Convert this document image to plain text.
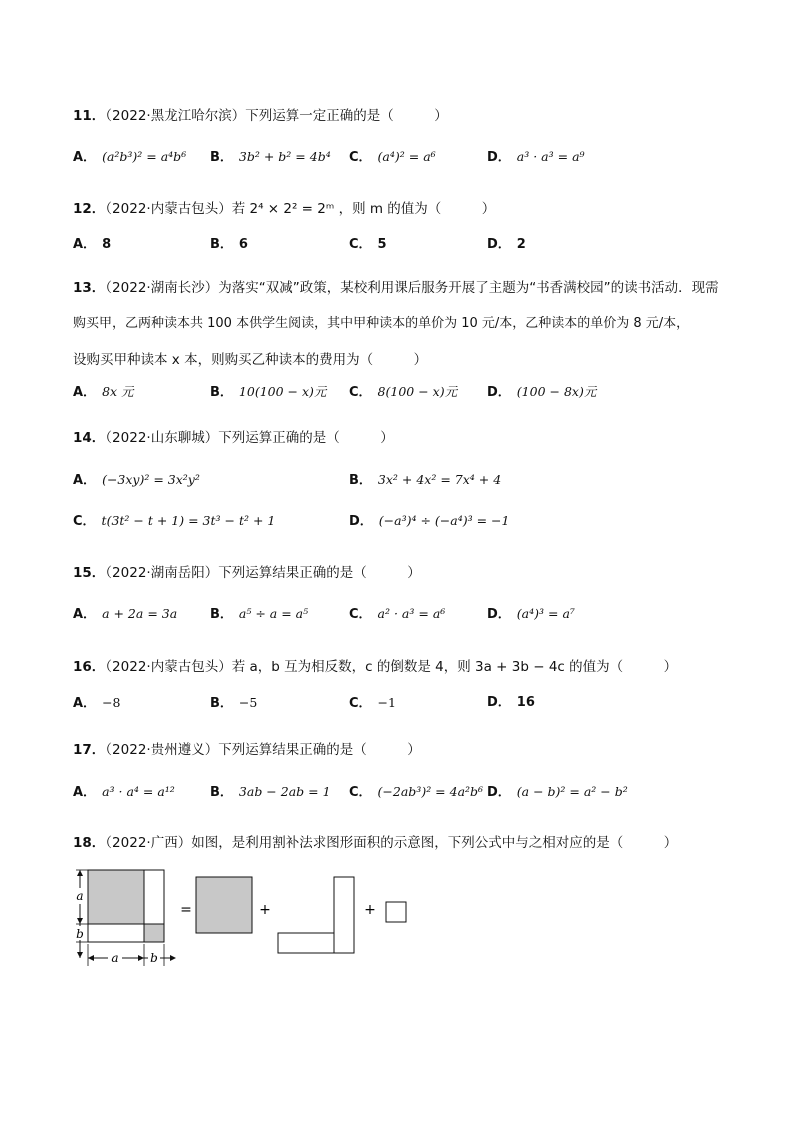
11．（2022·黑龙江哈尔滨）下列运算一定正确的是（　　　）
A． (a²b³)² = a⁴b⁶ B． 3b² + b² = 4b⁴ C． (a⁴)² = a⁶	D． a³ · a³ = a⁹
12．（2022·内蒙古包头）若 2⁴ × 2² = 2ᵐ ，则 m 的值为（　　　）
A． 8	B． 6	C． 5	D． 2
13．（2022·湖南长沙）为落实“双减”政策，某校利用课后服务开展了主题为“书香满校园”的读书活动．现需
购买甲，乙两种读本共 100 本供学生阅读，其中甲种读本的单价为 10 元/本，乙种读本的单价为 8 元/本，
设购买甲种读本 x 本，则购买乙种读本的费用为（　　　）
A． 8x 元	B． 10(100 − x)元 C． 8(100 − x)元 D． (100 − 8x)元
14．（2022·山东聊城）下列运算正确的是（　　　）
A． (−3xy)² = 3x²y²	B． 3x² + 4x² = 7x⁴ + 4
C． t(3t² − t + 1) = 3t³ − t² + 1	D． (−a³)⁴ ÷ (−a⁴)³ = −1
15．（2022·湖南岳阳）下列运算结果正确的是（　　　）
A． a + 2a = 3a	B． a⁵ ÷ a = a⁵	C． a² · a³ = a⁶	D． (a⁴)³ = a⁷
16．（2022·内蒙古包头）若 a，b 互为相反数，c 的倒数是 4，则 3a + 3b − 4c 的值为（　　　）
A． −8	B． −5	C． −1	D． 16
17．（2022·贵州遵义）下列运算结果正确的是（　　　）
A． a³ · a⁴ = a¹²	B． 3ab − 2ab = 1 C． (−2ab³)² = 4a²b⁶ D． (a − b)² = a² − b²
18．（2022·广西）如图，是利用割补法求图形面积的示意图，下列公式中与之相对应的是（　　　）
a
b
a	b
=	+	+
